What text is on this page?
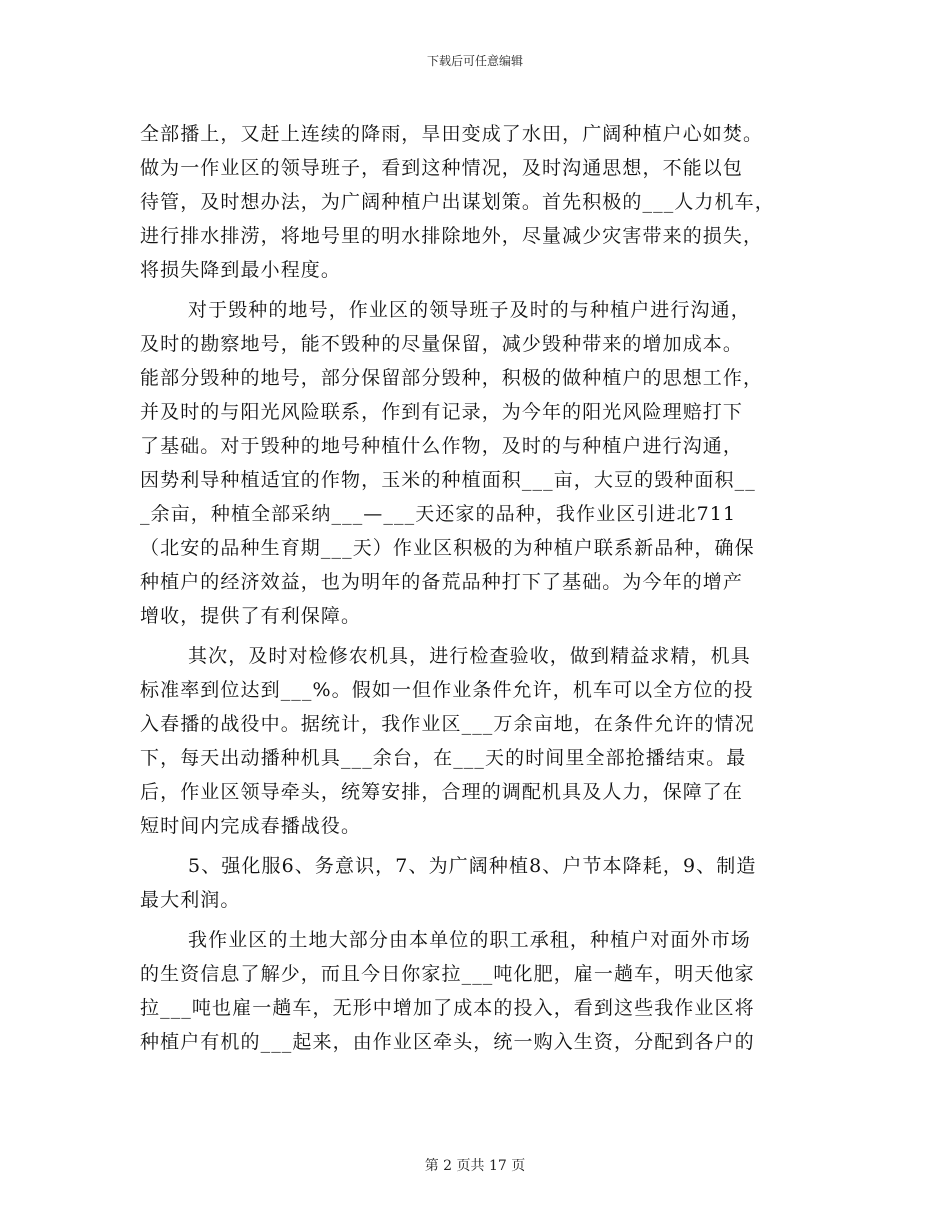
下载后可任意编辑
全部播上，又赶上连续的降雨，旱田变成了水田，广阔种植户心如焚。
做为一作业区的领导班子，看到这种情况，及时沟通思想，不能以包
待管，及时想办法，为广阔种植户出谋划策。首先积极的___人力机车，
进行排水排涝，将地号里的明水排除地外，尽量减少灾害带来的损失，
将损失降到最小程度。
对于毁种的地号，作业区的领导班子及时的与种植户进行沟通，
及时的勘察地号，能不毁种的尽量保留，减少毁种带来的增加成本。
能部分毁种的地号，部分保留部分毁种，积极的做种植户的思想工作，
并及时的与阳光风险联系，作到有记录，为今年的阳光风险理赔打下
了基础。对于毁种的地号种植什么作物，及时的与种植户进行沟通，
因势利导种植适宜的作物，玉米的种植面积___亩，大豆的毁种面积__
_余亩，种植全部采纳___—___天还家的品种，我作业区引进北711
（北安的品种生育期___天）作业区积极的为种植户联系新品种，确保
种植户的经济效益，也为明年的备荒品种打下了基础。为今年的增产
增收，提供了有利保障。
其次，及时对检修农机具，进行检查验收，做到精益求精，机具
标准率到位达到___%。假如一但作业条件允许，机车可以全方位的投
入春播的战役中。据统计，我作业区___万余亩地，在条件允许的情况
下，每天出动播种机具___余台，在___天的时间里全部抢播结束。最
后，作业区领导牵头，统筹安排，合理的调配机具及人力，保障了在
短时间内完成春播战役。
5、强化服6、务意识，7、为广阔种植8、户节本降耗，9、制造
最大利润。
我作业区的土地大部分由本单位的职工承租，种植户对面外市场
的生资信息了解少，而且今日你家拉___吨化肥，雇一趟车，明天他家
拉___吨也雇一趟车，无形中增加了成本的投入，看到这些我作业区将
种植户有机的___起来，由作业区牵头，统一购入生资，分配到各户的
第 2 页共 17 页
